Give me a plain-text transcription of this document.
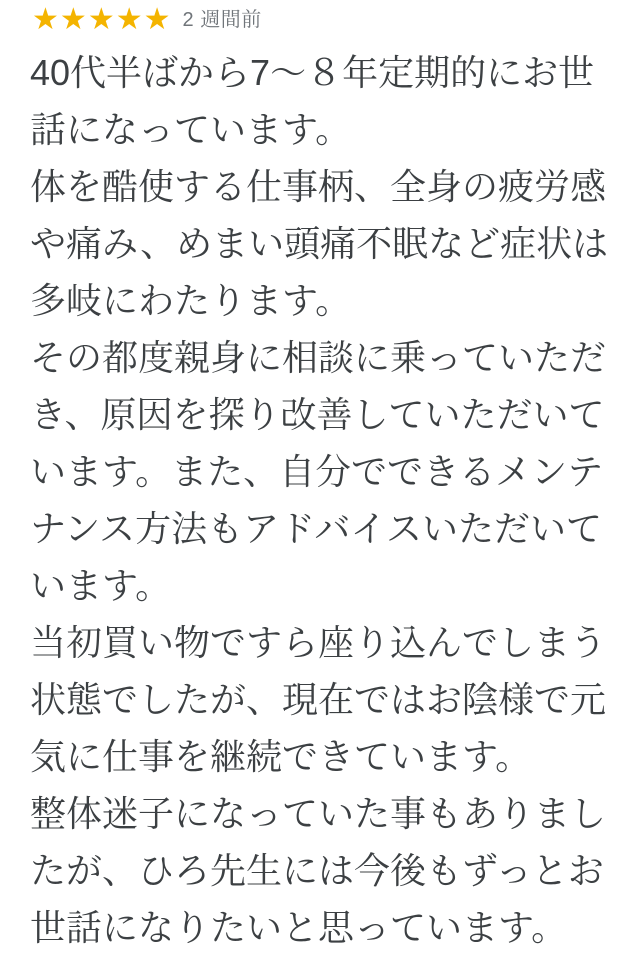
★ ★ ★ ★ ★ 2 週間前

40代半ばから7〜８年定期的にお世話になっています。

体を酷使する仕事柄、全身の疲労感や痛み、めまい頭痛不眠など症状は多岐にわたります。

その都度親身に相談に乗っていただき、原因を探り改善していただいています。また、自分でできるメンテナンス方法もアドバイスいただいています。

当初買い物ですら座り込んでしまう状態でしたが、現在ではお陰様で元気に仕事を継続できています。

整体迷子になっていた事もありましたが、ひろ先生には今後もずっとお世話になりたいと思っています。
